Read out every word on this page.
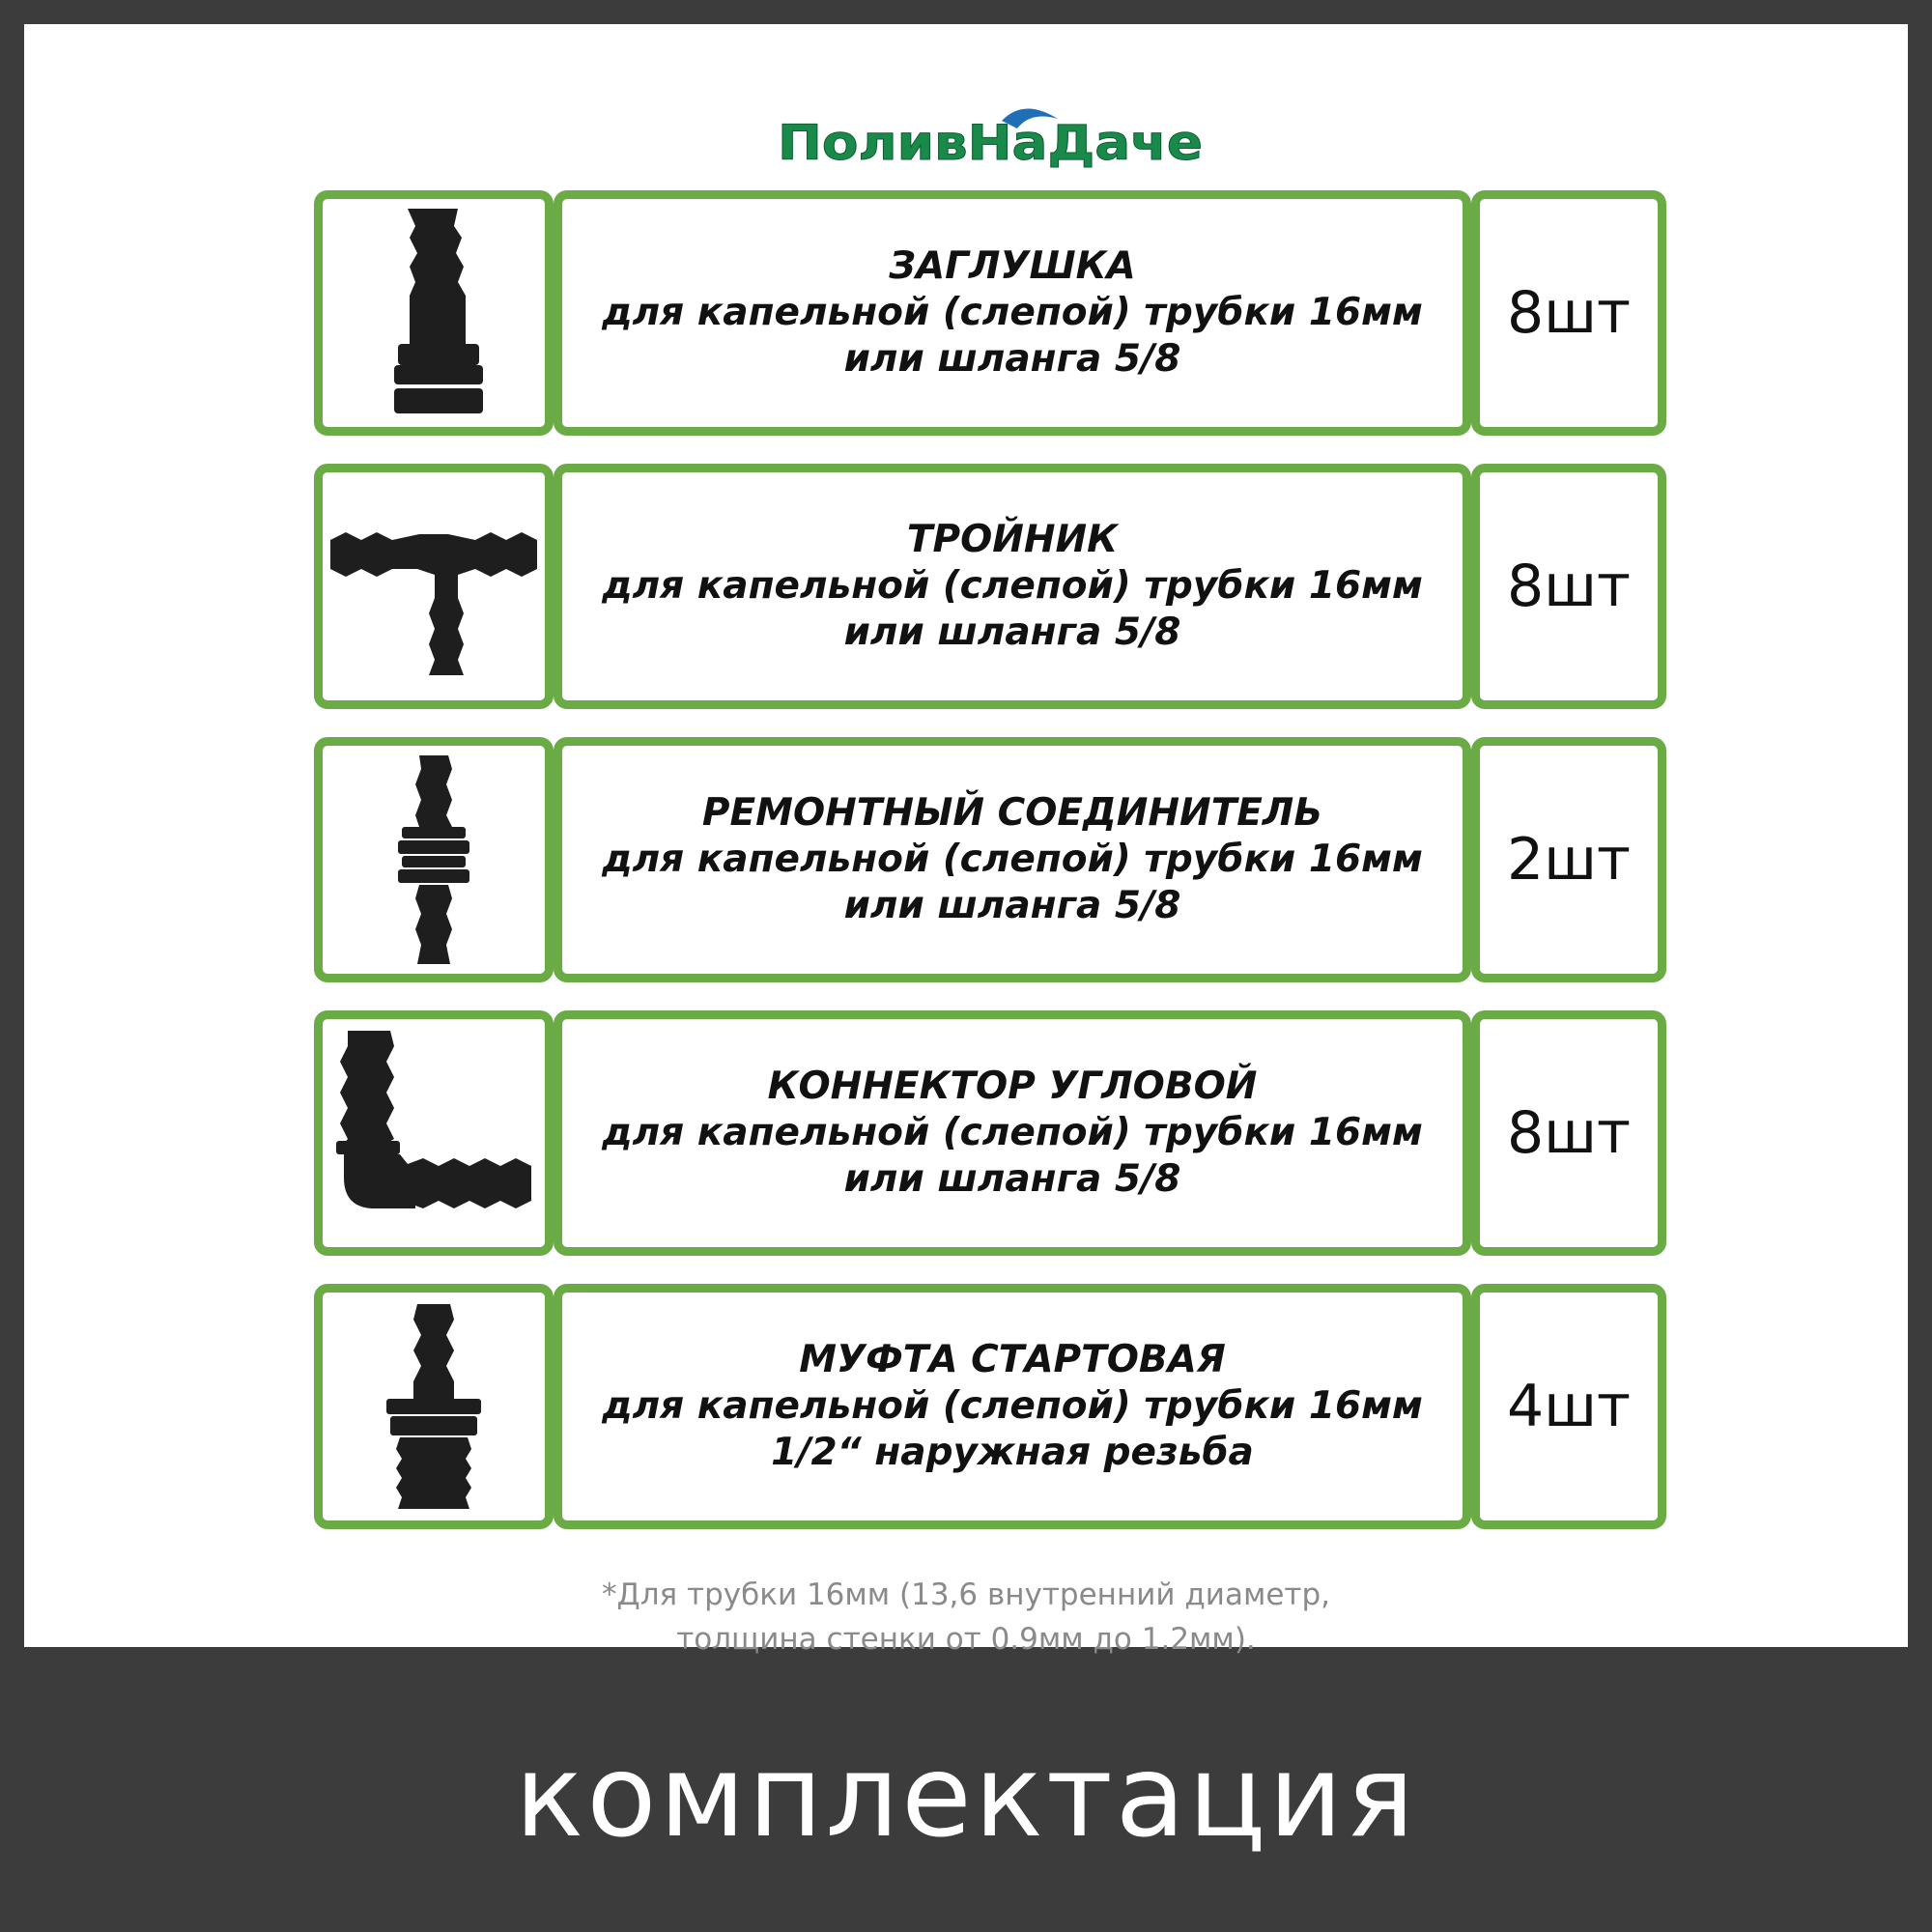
ПоливНаДаче
ЗАГЛУШКА
для капельной (слепой) трубки 16мм
или шланга 5/8
8шт
ТРОЙНИК
для капельной (слепой) трубки 16мм
или шланга 5/8
8шт
РЕМОНТНЫЙ СОЕДИНИТЕЛЬ
для капельной (слепой) трубки 16мм
или шланга 5/8
2шт
КОННЕКТОР УГЛОВОЙ
для капельной (слепой) трубки 16мм
или шланга 5/8
8шт
МУФТА СТАРТОВАЯ
для капельной (слепой) трубки 16мм
1/2“ наружная резьба
4шт
*Для трубки 16мм (13,6 внутренний диаметр,
толщина стенки от 0.9мм до 1.2мм).
комплектация
